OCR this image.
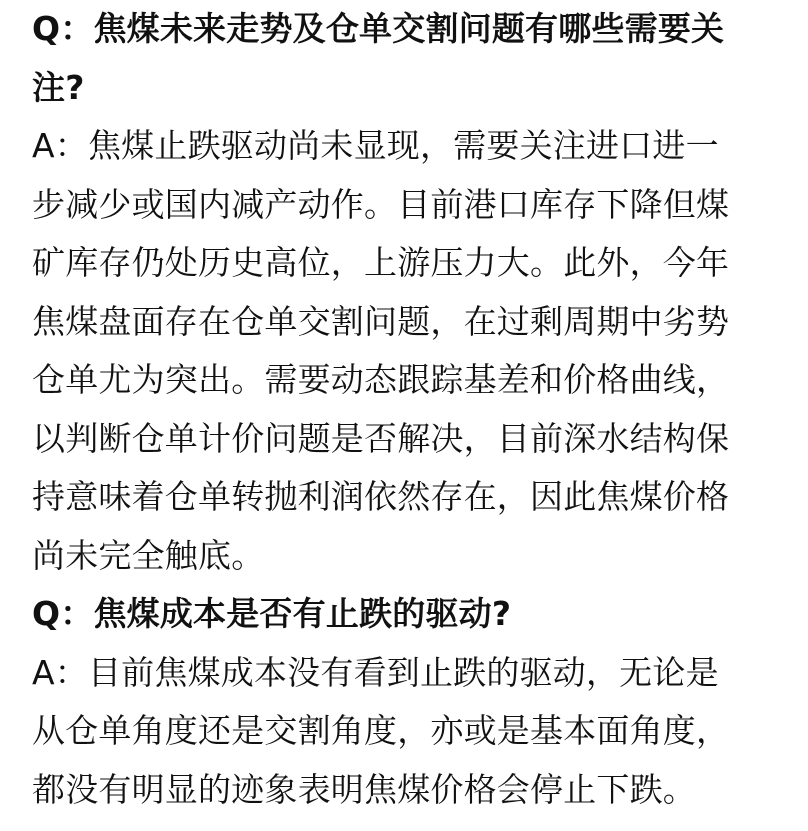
Q：焦煤未来走势及仓单交割问题有哪些需要关
注?
A：焦煤止跌驱动尚未显现，需要关注进口进一
步减少或国内减产动作。目前港口库存下降但煤
矿库存仍处历史高位，上游压力大。此外，今年
焦煤盘面存在仓单交割问题，在过剩周期中劣势
仓单尤为突出。需要动态跟踪基差和价格曲线，
以判断仓单计价问题是否解决，目前深水结构保
持意味着仓单转抛利润依然存在，因此焦煤价格
尚未完全触底。
Q：焦煤成本是否有止跌的驱动?
A：目前焦煤成本没有看到止跌的驱动，无论是
从仓单角度还是交割角度，亦或是基本面角度，
都没有明显的迹象表明焦煤价格会停止下跌。
